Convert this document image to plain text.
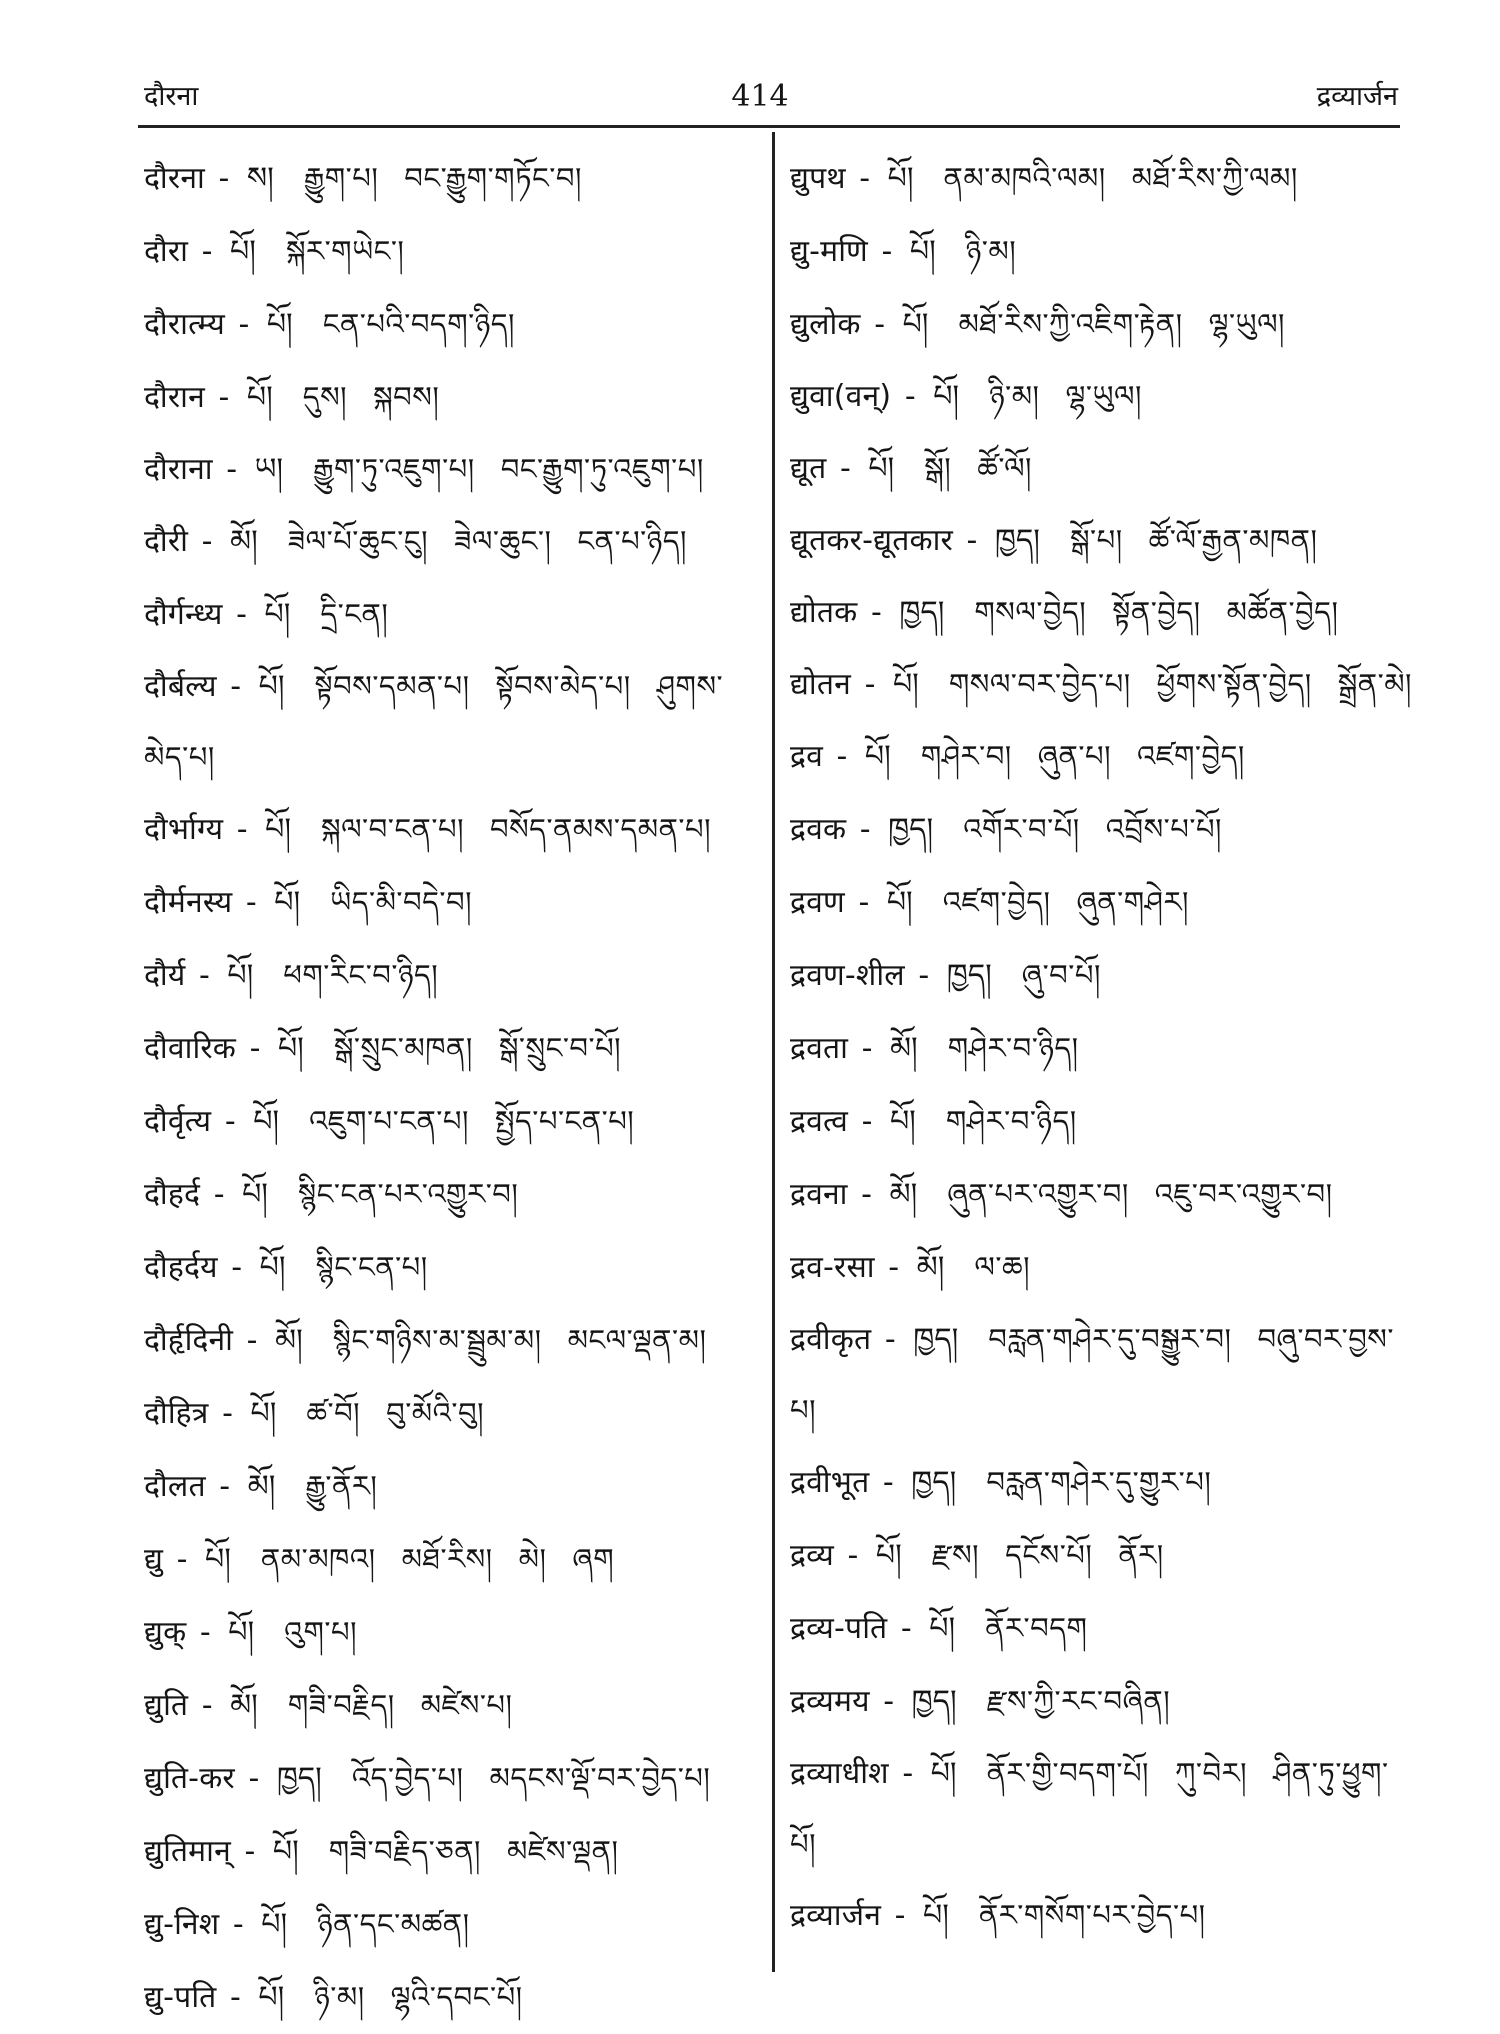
दौरना	414	द्रव्यार्जन
दौरना - ས། རྒྱུག་པ། བང་རྒྱུག་གཏོང་བ།
दौरा - པོ། སྐོར་གཡེང་།
दौरात्म्य - པོ། ངན་པའི་བདག་ཉིད།
दौरान - པོ། དུས། སྐབས།
दौराना - ཡ། རྒྱུག་ཏུ་འཇུག་པ། བང་རྒྱུག་ཏུ་འཇུག་པ།
दौरी - མོ། ཟེལ་པོ་ཆུང་ངུ། ཟེལ་ཆུང་། ངན་པ་ཉིད།
दौर्गन्ध्य - པོ། དྲི་ངན།
दौर्बल्य - པོ། སྟོབས་དམན་པ། སྟོབས་མེད་པ། ཤུགས་མེད་པ།
दौर्भाग्य - པོ། སྐལ་བ་ངན་པ། བསོད་ནམས་དམན་པ།
दौर्मनस्य - པོ། ཡིད་མི་བདེ་བ།
दौर्य - པོ། ཕག་རིང་བ་ཉིད།
दौवारिक - པོ། སྒོ་སྲུང་མཁན། སྒོ་སྲུང་བ་པོ།
दौर्वृत्य - པོ། འཇུག་པ་ངན་པ། སྤྱོད་པ་ངན་པ།
दौहर्द - པོ། སྙིང་ངན་པར་འགྱུར་བ།
दौहर्दय - པོ། སྙིང་ངན་པ།
दौर्हृदिनी - མོ། སྙིང་གཉིས་མ་སྦྲུམ་མ། མངལ་ལྡན་མ།
दौहित्र - པོ། ཚ་བོ། བུ་མོའི་བུ།
दौलत - མོ། རྒྱུ་ནོར།
द्यु - པོ། ནམ་མཁའ། མཐོ་རིས། མེ། ཞག
द्युक् - པོ། འུག་པ།
द्युति - མོ། གཟི་བརྗིད། མཛེས་པ།
द्युति-कर - ཁྱད། འོད་བྱེད་པ། མདངས་ལྡོ་བར་བྱེད་པ།
द्युतिमान् - པོ། གཟི་བརྗིད་ཅན། མཛེས་ལྡན།
द्यु-निश - པོ། ཉིན་དང་མཚན།
द्यु-पति - པོ། ཉི་མ། ལྷའི་དབང་པོ།
द्युपथ - པོ། ནམ་མཁའི་ལམ། མཐོ་རིས་ཀྱི་ལམ།
द्यु-मणि - པོ། ཉི་མ།
द्युलोक - པོ། མཐོ་རིས་ཀྱི་འཇིག་རྟེན། ལྷ་ཡུལ།
द्युवा(वन्) - པོ། ཉི་མ། ལྷ་ཡུལ།
द्यूत - པོ། སྒོ། ཚོ་ལོ།
द्यूतकर-द्यूतकार - ཁྱད། སྒོ་པ། ཚོ་ལོ་རྒྱན་མཁན།
द्योतक - ཁྱད། གསལ་བྱེད། སྟོན་བྱེད། མཚོན་བྱེད།
द्योतन - པོ། གསལ་བར་བྱེད་པ། ཕྱོགས་སྟོན་བྱེད། སྒྲོན་མེ།
द्रव - པོ། གཤེར་བ། ཞུན་པ། འཛག་བྱེད།
द्रवक - ཁྱད། འགོར་བ་པོ། འབྲོས་པ་པོ།
द्रवण - པོ། འཛག་བྱེད། ཞུན་གཤེར།
द्रवण-शील - ཁྱད། ཞུ་བ་པོ།
द्रवता - མོ། གཤེར་བ་ཉིད།
द्रवत्व - པོ། གཤེར་བ་ཉིད།
द्रवना - མོ། ཞུན་པར་འགྱུར་བ། འཇུ་བར་འགྱུར་བ།
द्रव-रसा - མོ། ལ་ཆ།
द्रवीकृत - ཁྱད། བརླན་གཤེར་དུ་བསྒྱུར་བ། བཞུ་བར་བྱས་པ།
द्रवीभूत - ཁྱད། བརླན་གཤེར་དུ་གྱུར་པ།
द्रव्य - པོ། རྫས། དངོས་པོ། ནོར།
द्रव्य-पति - པོ། ནོར་བདག
द्रव्यमय - ཁྱད། རྫས་ཀྱི་རང་བཞིན།
द्रव्याधीश - པོ། ནོར་གྱི་བདག་པོ། ཀུ་བེར། ཤིན་ཏུ་ཕྱུག་པོ།
द्रव्यार्जन - པོ། ནོར་གསོག་པར་བྱེད་པ།
